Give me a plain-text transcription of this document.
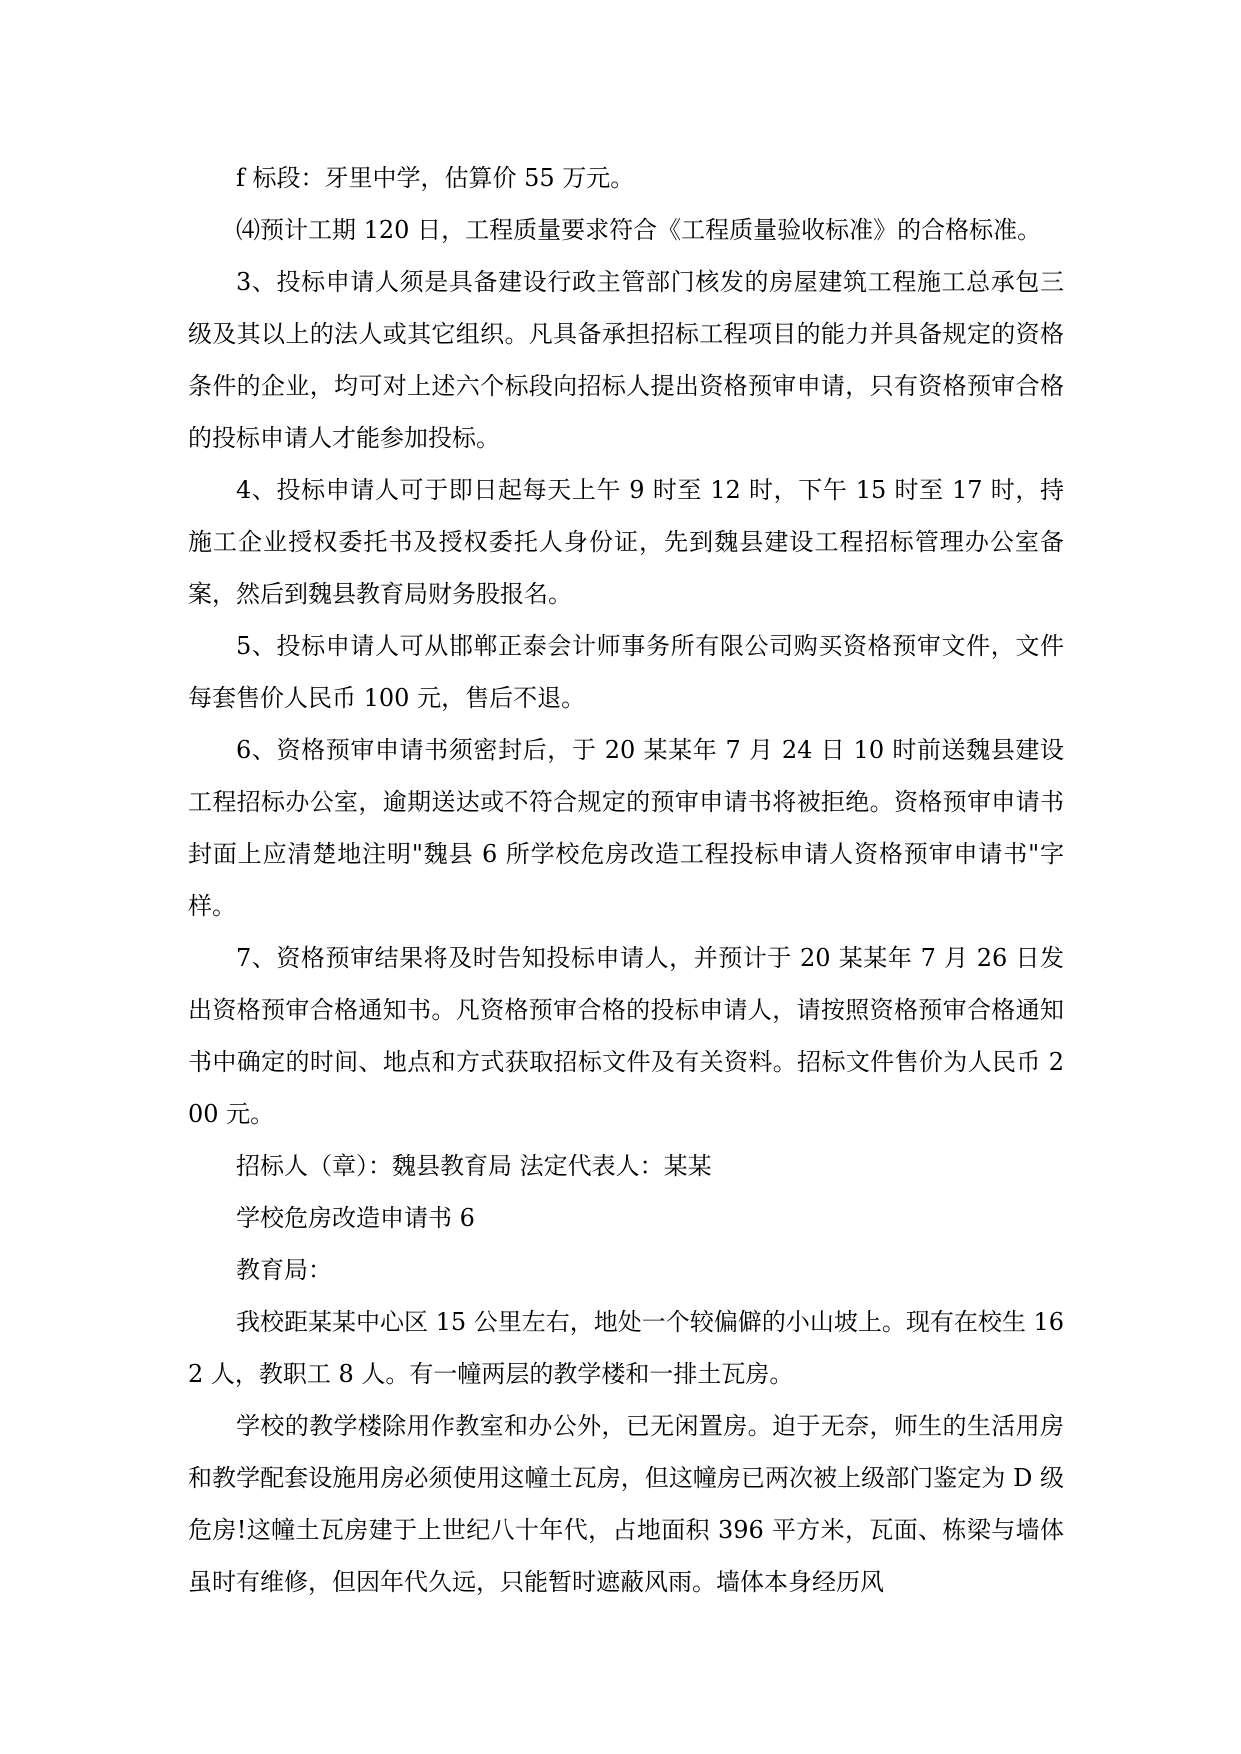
f 标段：牙里中学，估算价 55 万元。

⑷预计工期 120 日，工程质量要求符合《工程质量验收标准》的合格标准。

3、投标申请人须是具备建设行政主管部门核发的房屋建筑工程施工总承包三级及其以上的法人或其它组织。凡具备承担招标工程项目的能力并具备规定的资格条件的企业，均可对上述六个标段向招标人提出资格预审申请，只有资格预审合格的投标申请人才能参加投标。

4、投标申请人可于即日起每天上午 9 时至 12 时，下午 15 时至 17 时，持施工企业授权委托书及授权委托人身份证，先到魏县建设工程招标管理办公室备案，然后到魏县教育局财务股报名。

5、投标申请人可从邯郸正泰会计师事务所有限公司购买资格预审文件，文件每套售价人民币 100 元，售后不退。

6、资格预审申请书须密封后，于 20 某某年 7 月 24 日 10 时前送魏县建设工程招标办公室，逾期送达或不符合规定的预审申请书将被拒绝。资格预审申请书封面上应清楚地注明"魏县 6 所学校危房改造工程投标申请人资格预审申请书"字样。

7、资格预审结果将及时告知投标申请人，并预计于 20 某某年 7 月 26 日发出资格预审合格通知书。凡资格预审合格的投标申请人，请按照资格预审合格通知书中确定的时间、地点和方式获取招标文件及有关资料。招标文件售价为人民币 200 元。

招标人（章）：魏县教育局 法定代表人：某某

学校危房改造申请书 6

教育局：

我校距某某中心区 15 公里左右，地处一个较偏僻的小山坡上。现有在校生 162 人，教职工 8 人。有一幢两层的教学楼和一排土瓦房。

学校的教学楼除用作教室和办公外，已无闲置房。迫于无奈，师生的生活用房和教学配套设施用房必须使用这幢土瓦房，但这幢房已两次被上级部门鉴定为 D 级危房!这幢土瓦房建于上世纪八十年代，占地面积 396 平方米，瓦面、栋梁与墙体虽时有维修，但因年代久远，只能暂时遮蔽风雨。墙体本身经历风
